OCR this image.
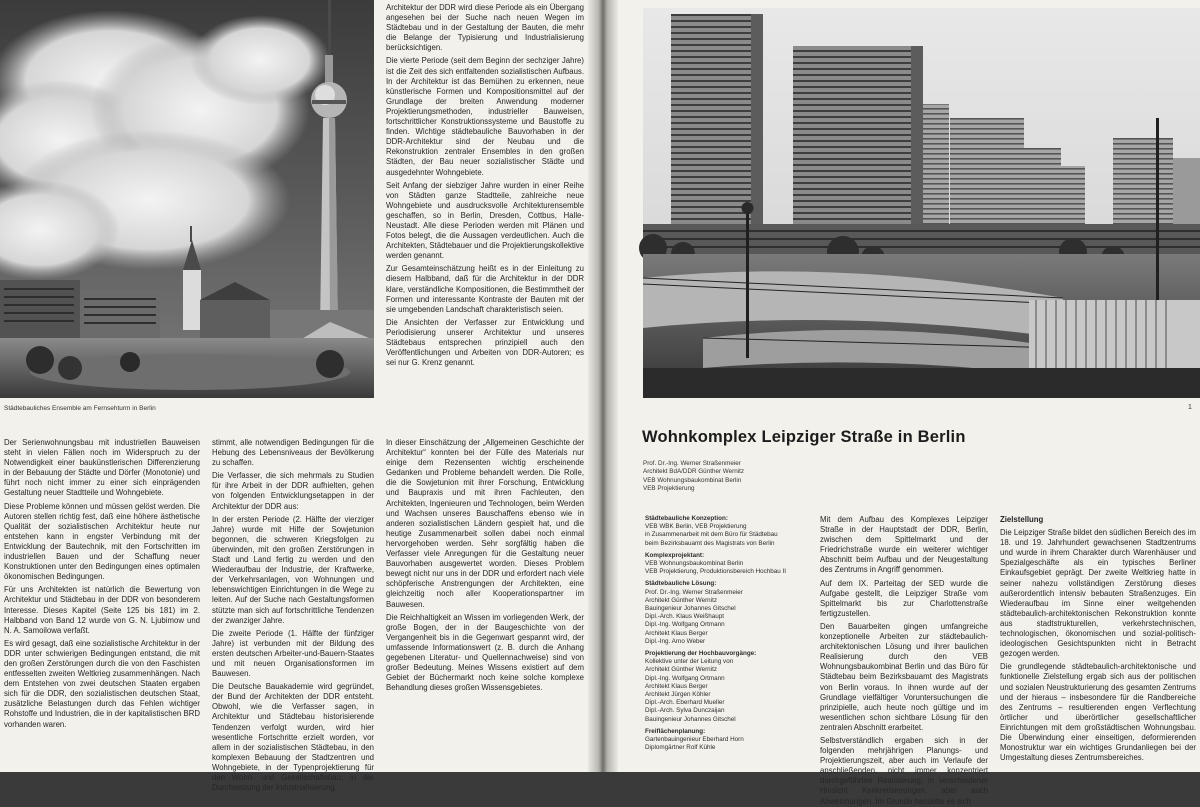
Städtebauliches Ensemble am Fernsehturm in Berlin

Architektur der DDR wird diese Periode als ein Übergang angesehen bei der Suche nach neuen Wegen im Städtebau und in der Gestaltung der Bauten, die mehr die Belange der Typisierung und Industrialisierung berücksichtigen.

Die vierte Periode (seit dem Beginn der sechziger Jahre) ist die Zeit des sich entfaltenden sozialistischen Aufbaus. In der Architektur ist das Bemühen zu erkennen, neue künstlerische Formen und Kompositionsmittel auf der Grundlage der breiten Anwendung moderner Projektierungsmethoden, industrieller Bauweisen, fortschrittlicher Konstruktionssysteme und Baustoffe zu finden. Wichtige städtebauliche Bauvorhaben in der DDR-Architektur sind der Neubau und die Rekonstruktion zentraler Ensembles in den großen Städten, der Bau neuer sozialistischer Städte und ausgedehnter Wohngebiete.

Seit Anfang der siebziger Jahre wurden in einer Reihe von Städten ganze Stadtteile, zahlreiche neue Wohngebiete und ausdrucksvolle Architekturensemble geschaffen, so in Berlin, Dresden, Cottbus, Halle-Neustadt. Alle diese Perioden werden mit Plänen und Fotos belegt, die die Aussagen verdeutlichen. Auch die Architekten, Städtebauer und die Projektierungskollektive werden genannt.

Zur Gesamteinschätzung heißt es in der Einleitung zu diesem Halbband, daß für die Architektur in der DDR klare, verständliche Kompositionen, die Bestimmtheit der Formen und interessante Kontraste der Bauten mit der sie umgebenden Landschaft charakteristisch seien.

Die Ansichten der Verfasser zur Entwicklung und Periodisierung unserer Architektur und unseres Städtebaus entsprechen prinzipiell auch den Veröffentlichungen und Arbeiten von DDR-Autoren; es sei nur G. Krenz genannt.

Der Serienwohnungsbau mit industriellen Bauweisen steht in vielen Fällen noch im Widerspruch zu der Notwendigkeit einer baukünstlerischen Differenzierung in der Bebauung der Städte und Dörfer (Monotonie) und führt noch nicht immer zu einer sich einprägenden Gestaltung neuer Stadtteile und Wohngebiete.

Diese Probleme können und müssen gelöst werden. Die Autoren stellen richtig fest, daß eine höhere ästhetische Qualität der sozialistischen Architektur heute nur entstehen kann in engster Verbindung mit der Entwicklung der Bautechnik, mit den Fortschritten im industriellen Bauen und der Schaffung neuer Konstruktionen unter den Bedingungen eines optimalen ökonomischen Bedingungen.

Für uns Architekten ist natürlich die Bewertung von Architektur und Städtebau in der DDR von besonderem Interesse. Dieses Kapitel (Seite 125 bis 181) im 2. Halbband von Band 12 wurde von G. N. Ljubimow und N. A. Samoilowa verfaßt.

Es wird gesagt, daß eine sozialistische Architektur in der DDR unter schwierigen Bedingungen entstand, die mit den großen Zerstörungen durch die von den Faschisten entfesselten zweiten Weltkrieg zusammenhängen. Nach dem Entstehen von zwei deutschen Staaten ergaben sich für die DDR, den sozialistischen deutschen Staat, zusätzliche Belastungen durch das Fehlen wichtiger Rohstoffe und Industrien, die in der kapitalistischen BRD vorhanden waren.

stimmt, alle notwendigen Bedingungen für die Hebung des Lebensniveaus der Bevölkerung zu schaffen.

Die Verfasser, die sich mehrmals zu Studien für ihre Arbeit in der DDR aufhielten, gehen von folgenden Entwicklungsetappen in der Architektur der DDR aus:

In der ersten Periode (2. Hälfte der vierziger Jahre) wurde mit Hilfe der Sowjetunion begonnen, die schweren Kriegsfolgen zu überwinden, mit den großen Zerstörungen in Stadt und Land fertig zu werden und den Wiederaufbau der Industrie, der Kraftwerke, der Verkehrsanlagen, von Wohnungen und lebenswichtigen Einrichtungen in die Wege zu leiten. Auf der Suche nach Gestaltungsformen stützte man sich auf fortschrittliche Tendenzen der zwanziger Jahre.

Die zweite Periode (1. Hälfte der fünfziger Jahre) ist verbunden mit der Bildung des ersten deutschen Arbeiter-und-Bauern-Staates und mit neuen Organisationsformen im Bauwesen.

Die Deutsche Bauakademie wird gegründet, der Bund der Architekten der DDR entsteht. Obwohl, wie die Verfasser sagen, in Architektur und Städtebau historisierende Tendenzen verfolgt wurden, wird hier wesentliche Fortschritte erzielt worden, vor allem in der sozialistischen Städtebau, in den komplexen Bebauung der Stadtzentren und Wohngebiete, in der Typenprojektierung für den Wohn- und Gesellschaftsbau, in der Durchsetzung der Industrialisierung.

In dieser Einschätzung der „Allgemeinen Geschichte der Architektur“ konnten bei der Fülle des Materials nur einige dem Rezensenten wichtig erscheinende Gedanken und Probleme behandelt werden. Die Rolle, die die Sowjetunion mit ihrer Forschung, Entwicklung und Baupraxis und mit ihren Fachleuten, den Architekten, Ingenieuren und Technologen, beim Werden und Wachsen unseres Bauschaffens ebenso wie in anderen sozialistischen Ländern gespielt hat, und die heutige Zusammenarbeit sollen dabei noch einmal hervorgehoben werden. Sehr sorgfältig haben die Verfasser viele Anregungen für die Gestaltung neuer Bauvorhaben ausgewertet worden. Dieses Problem bewegt nicht nur uns in der DDR und erfordert nach viele schöpferische Anstrengungen der Architekten, eine gleichzeitig noch aller Kooperationspartner im Bauwesen.

Die Reichhaltigkeit an Wissen im vorliegenden Werk, der große Bogen, der in der Baugeschichte von der Vergangenheit bis in die Gegenwart gespannt wird, der umfassende Informationswert (z. B. durch die Anhang gegebenen Literatur- und Quellennachweise) sind von großer Bedeutung. Meines Wissens existiert auf dem Gebiet der Büchermarkt noch keine solche komplexe Behandlung dieses großen Wissensgebietes.

1
Wohnkomplex Leipziger Straße in Berlin
Prof. Dr.-Ing. Werner Straßenmeier
Architekt BdA/DDR Günther Wernitz
VEB Wohnungsbaukombinat Berlin
VEB Projektierung
Städtebauliche Konzeption:
VEB WBK Berlin, VEB Projektierung
in Zusammenarbeit mit dem Büro für Städtebau
beim Bezirksbauamt des Magistrats von Berlin
Komplexprojektant:
VEB Wohnungsbaukombinat Berlin
VEB Projektierung, Produktionsbereich Hochbau II
Städtebauliche Lösung:
Prof. Dr.-Ing. Werner Straßenmeier
Architekt Günther Wernitz
Bauingenieur Johannes Gitschel
Dipl.-Arch. Klaus Weißhaupt
Dipl.-Ing. Wolfgang Ortmann
Architekt Klaus Berger
Dipl.-Ing. Arno Weber
Projektierung der Hochbauvorgänge:
Kollektive unter der Leitung von
Architekt Günther Wernitz
Dipl.-Ing. Wolfgang Ortmann
Architekt Klaus Berger
Architekt Jürgen Köhler
Dipl.-Arch. Eberhard Mueller
Dipl.-Arch. Sylva Dunczaijan
Bauingenieur Johannes Gitschel
Freiflächenplanung:
Gartenbauingenieur Eberhard Horn
Diplomgärtner Rolf Kühle

Mit dem Aufbau des Komplexes Leipziger Straße in der Hauptstadt der DDR, Berlin, zwischen dem Spittelmarkt und der Friedrichstraße wurde ein weiterer wichtiger Abschnitt beim Aufbau und der Neugestaltung des Zentrums in Angriff genommen.

Auf dem IX. Parteitag der SED wurde die Aufgabe gestellt, die Leipziger Straße vom Spittelmarkt bis zur Charlottenstraße fertigzustellen.

Den Bauarbeiten gingen umfangreiche konzeptionelle Arbeiten zur städtebaulich-architektonischen Lösung und ihrer baulichen Realisierung durch den VEB Wohnungsbaukombinat Berlin und das Büro für Städtebau beim Bezirksbauamt des Magistrats von Berlin voraus. In ihnen wurde auf der Grundlage vielfältiger Voruntersuchungen die prinzipielle, auch heute noch gültige und im wesentlichen schon sichtbare Lösung für den zentralen Abschnitt erarbeitet.

Selbstverständlich ergaben sich in der folgenden mehrjährigen Planungs- und Projektierungszeit, aber auch im Verlaufe der anschließenden, nicht immer konzentriert durchgeführten Realisierung, in verschiedener Hinsicht Konkretisierungen, aber auch Abweichungen. Im Grunde handelte es sich

Zielstellung

Die Leipziger Straße bildet den südlichen Bereich des im 18. und 19. Jahrhundert gewachsenen Stadtzentrums und wurde in ihrem Charakter durch Warenhäuser und Spezialgeschäfte als ein typisches Berliner Einkaufsgebiet geprägt. Der zweite Weltkrieg hatte in seiner nahezu vollständigen Zerstörung dieses außerordentlich intensiv bebauten Straßenzuges. Ein Wiederaufbau im Sinne einer weitgehenden städtebaulich-architektonischen Rekonstruktion konnte aus stadtstrukturellen, verkehrstechnischen, technologischen, ökonomischen und sozial-politisch-ideologischen Gesichtspunkten nicht in Betracht gezogen werden.

Die grundlegende städtebaulich-architektonische und funktionelle Zielstellung ergab sich aus der politischen und sozialen Neustrukturierung des gesamten Zentrums und der hieraus – insbesondere für die Randbereiche des Zentrums – resultierenden engen Verflechtung örtlicher und überörtlicher gesellschaftlicher Einrichtungen mit dem großstädtischen Wohnungsbau. Die Überwindung einer einseitigen, deformierenden Monostruktur war ein wichtiges Grundanliegen bei der Umgestaltung dieses Zentrumsbereiches.
